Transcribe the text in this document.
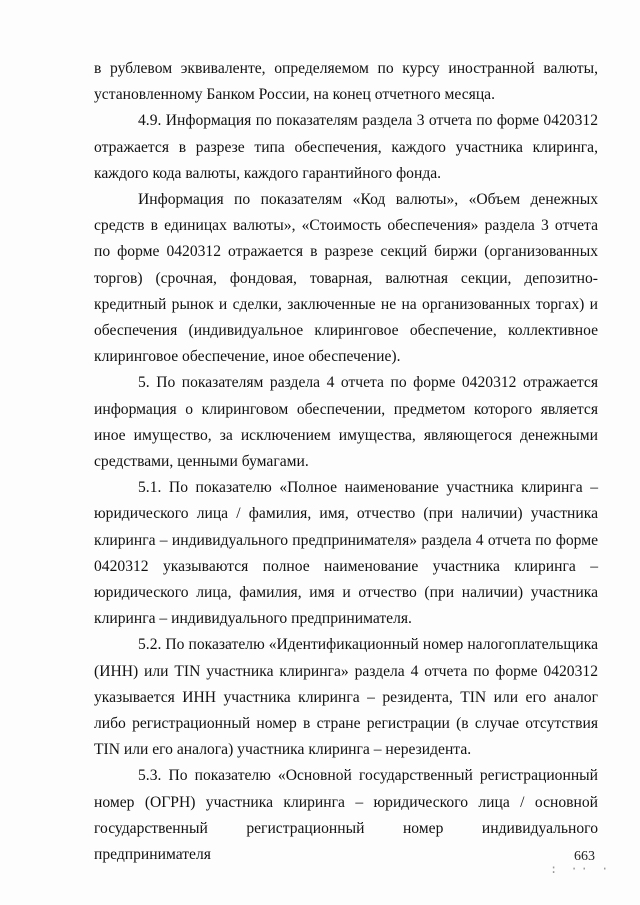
в рублевом эквиваленте, определяемом по курсу иностранной валюты, установленному Банком России, на конец отчетного месяца.

4.9. Информация по показателям раздела 3 отчета по форме 0420312 отражается в разрезе типа обеспечения, каждого участника клиринга, каждого кода валюты, каждого гарантийного фонда.

Информация по показателям «Код валюты», «Объем денежных средств в единицах валюты», «Стоимость обеспечения» раздела 3 отчета по форме 0420312 отражается в разрезе секций биржи (организованных торгов) (срочная, фондовая, товарная, валютная секции, депозитно-кредитный рынок и сделки, заключенные не на организованных торгах) и обеспечения (индивидуальное клиринговое обеспечение, коллективное клиринговое обеспечение, иное обеспечение).

5. По показателям раздела 4 отчета по форме 0420312 отражается информация о клиринговом обеспечении, предметом которого является иное имущество, за исключением имущества, являющегося денежными средствами, ценными бумагами.

5.1. По показателю «Полное наименование участника клиринга – юридического лица / фамилия, имя, отчество (при наличии) участника клиринга – индивидуального предпринимателя» раздела 4 отчета по форме 0420312 указываются полное наименование участника клиринга – юридического лица, фамилия, имя и отчество (при наличии) участника клиринга – индивидуального предпринимателя.

5.2. По показателю «Идентификационный номер налогоплательщика (ИНН) или TIN участника клиринга» раздела 4 отчета по форме 0420312 указывается ИНН участника клиринга – резидента, TIN или его аналог либо регистрационный номер в стране регистрации (в случае отсутствия TIN или его аналога) участника клиринга – нерезидента.

5.3. По показателю «Основной государственный регистрационный номер (ОГРН) участника клиринга – юридического лица / основной государственный регистрационный номер индивидуального предпринимателя	663
: ·· ·
